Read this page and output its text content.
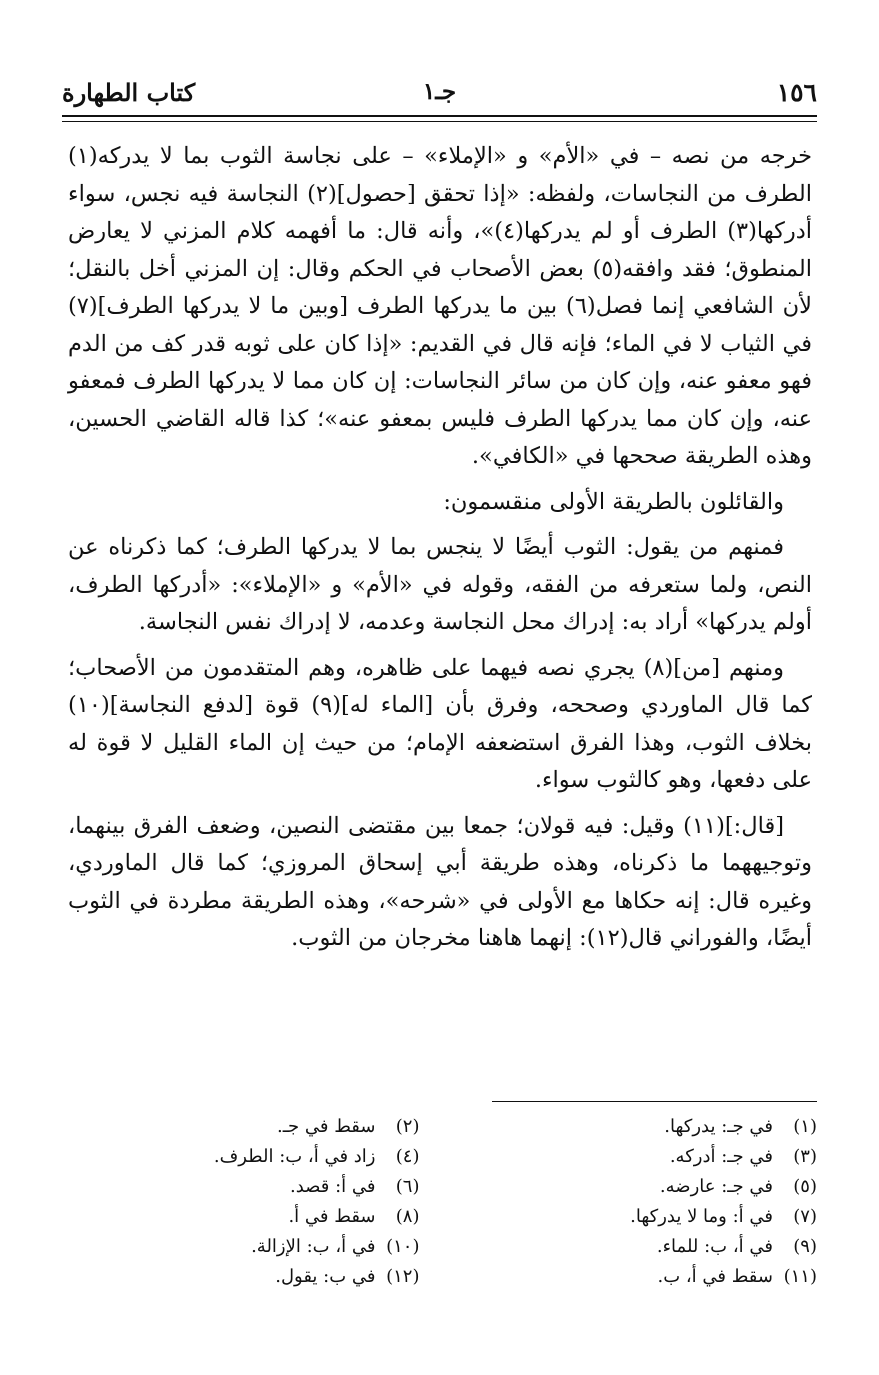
١٥٦
جـ١
كتاب الطهارة

خرجه من نصه – في «الأم» و «الإملاء» – على نجاسة الثوب بما لا يدركه(١) الطرف من النجاسات، ولفظه: «إذا تحقق [حصول](٢) النجاسة فيه نجس، سواء أدركها(٣) الطرف أو لم يدركها(٤)»، وأنه قال: ما أفهمه كلام المزني لا يعارض المنطوق؛ فقد وافقه(٥) بعض الأصحاب في الحكم وقال: إن المزني أخل بالنقل؛ لأن الشافعي إنما فصل(٦) بين ما يدركها الطرف [وبين ما لا يدركها الطرف](٧) في الثياب لا في الماء؛ فإنه قال في القديم: «إذا كان على ثوبه قدر كف من الدم فهو معفو عنه، وإن كان من سائر النجاسات: إن كان مما لا يدركها الطرف فمعفو عنه، وإن كان مما يدركها الطرف فليس بمعفو عنه»؛ كذا قاله القاضي الحسين، وهذه الطريقة صححها في «الكافي».

والقائلون بالطريقة الأولى منقسمون:

فمنهم من يقول: الثوب أيضًا لا ينجس بما لا يدركها الطرف؛ كما ذكرناه عن النص، ولما ستعرفه من الفقه، وقوله في «الأم» و «الإملاء»: «أدركها الطرف، أولم يدركها» أراد به: إدراك محل النجاسة وعدمه، لا إدراك نفس النجاسة.

ومنهم [من](٨) يجري نصه فيهما على ظاهره، وهم المتقدمون من الأصحاب؛ كما قال الماوردي وصححه، وفرق بأن [الماء له](٩) قوة [لدفع النجاسة](١٠) بخلاف الثوب، وهذا الفرق استضعفه الإمام؛ من حيث إن الماء القليل لا قوة له على دفعها، وهو كالثوب سواء.

[قال:](١١) وقيل: فيه قولان؛ جمعا بين مقتضى النصين، وضعف الفرق بينهما، وتوجيههما ما ذكرناه، وهذه طريقة أبي إسحاق المروزي؛ كما قال الماوردي، وغيره قال: إنه حكاها مع الأولى في «شرحه»، وهذه الطريقة مطردة في الثوب أيضًا، والفوراني قال(١٢): إنهما هاهنا مخرجان من الثوب.

(١)في جـ: يدركها.
(٢)سقط في جـ.
(٣)في جـ: أدركه.
(٤)زاد في أ، ب: الطرف.
(٥)في جـ: عارضه.
(٦)في أ: قصد.
(٧)في أ: وما لا يدركها.
(٨)سقط في أ.
(٩)في أ، ب: للماء.
(١٠)في أ، ب: الإزالة.
(١١)سقط في أ، ب.
(١٢)في ب: يقول.
